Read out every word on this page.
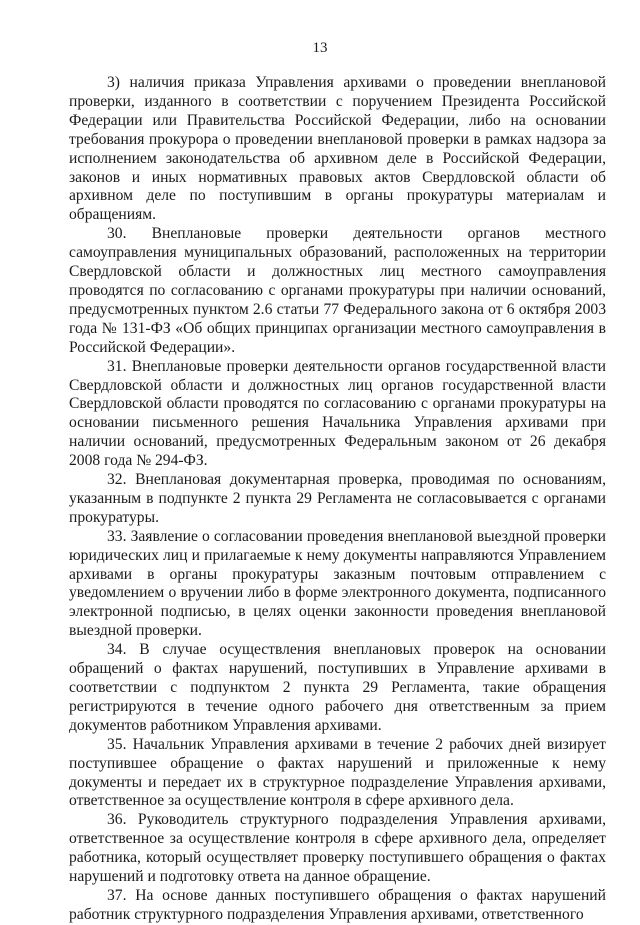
13

3) наличия приказа Управления архивами о проведении внеплановой проверки, изданного в соответствии с поручением Президента Российской Федерации или Правительства Российской Федерации, либо на основании требования прокурора о проведении внеплановой проверки в рамках надзора за исполнением законодательства об архивном деле в Российской Федерации, законов и иных нормативных правовых актов Свердловской области об архивном деле по поступившим в органы прокуратуры материалам и обращениям.

30. Внеплановые проверки деятельности органов местного самоуправления муниципальных образований, расположенных на территории Свердловской области и должностных лиц местного самоуправления проводятся по согласованию с органами прокуратуры при наличии оснований, предусмотренных пунктом 2.6 статьи 77 Федерального закона от 6 октября 2003 года № 131-ФЗ «Об общих принципах организации местного самоуправления в Российской Федерации».

31. Внеплановые проверки деятельности органов государственной власти Свердловской области и должностных лиц органов государственной власти Свердловской области проводятся по согласованию с органами прокуратуры на основании письменного решения Начальника Управления архивами при наличии оснований, предусмотренных Федеральным законом от 26 декабря 2008 года № 294-ФЗ.

32. Внеплановая документарная проверка, проводимая по основаниям, указанным в подпункте 2 пункта 29 Регламента не согласовывается с органами прокуратуры.

33. Заявление о согласовании проведения внеплановой выездной проверки юридических лиц и прилагаемые к нему документы направляются Управлением архивами в органы прокуратуры заказным почтовым отправлением с уведомлением о вручении либо в форме электронного документа, подписанного электронной подписью, в целях оценки законности проведения внеплановой выездной проверки.

34. В случае осуществления внеплановых проверок на основании обращений о фактах нарушений, поступивших в Управление архивами в соответствии с подпунктом 2 пункта 29 Регламента, такие обращения регистрируются в течение одного рабочего дня ответственным за прием документов работником Управления архивами.

35. Начальник Управления архивами в течение 2 рабочих дней визирует поступившее обращение о фактах нарушений и приложенные к нему документы и передает их в структурное подразделение Управления архивами, ответственное за осуществление контроля в сфере архивного дела.

36. Руководитель структурного подразделения Управления архивами, ответственное за осуществление контроля в сфере архивного дела, определяет работника, который осуществляет проверку поступившего обращения о фактах нарушений и подготовку ответа на данное обращение.

37. На основе данных поступившего обращения о фактах нарушений работник структурного подразделения Управления архивами, ответственного
